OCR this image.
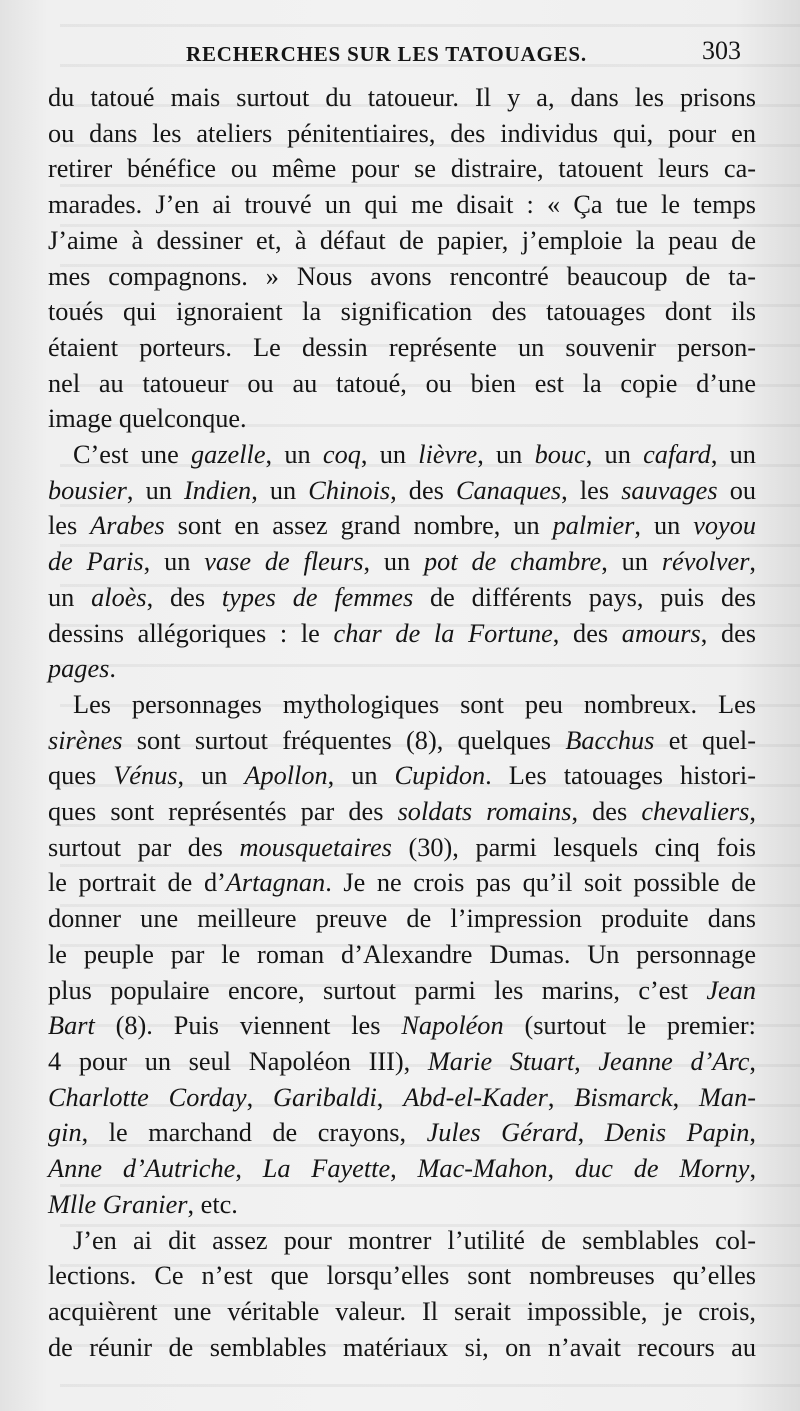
RECHERCHES SUR LES TATOUAGES.	303

du tatoué mais surtout du tatoueur. Il y a, dans les prisons
ou dans les ateliers pénitentiaires, des individus qui, pour en
retirer bénéfice ou même pour se distraire, tatouent leurs ca-
marades. J’en ai trouvé un qui me disait : « Ça tue le temps
J’aime à dessiner et, à défaut de papier, j’emploie la peau de
mes compagnons. » Nous avons rencontré beaucoup de ta-
toués qui ignoraient la signification des tatouages dont ils
étaient porteurs. Le dessin représente un souvenir person-
nel au tatoueur ou au tatoué, ou bien est la copie d’une
image quelconque.

C’est une gazelle, un coq, un lièvre, un bouc, un cafard, un
bousier, un Indien, un Chinois, des Canaques, les sauvages ou
les Arabes sont en assez grand nombre, un palmier, un voyou
de Paris, un vase de fleurs, un pot de chambre, un révolver,
un aloès, des types de femmes de différents pays, puis des
dessins allégoriques : le char de la Fortune, des amours, des
pages.

Les personnages mythologiques sont peu nombreux. Les
sirènes sont surtout fréquentes (8), quelques Bacchus et quel-
ques Vénus, un Apollon, un Cupidon. Les tatouages histori-
ques sont représentés par des soldats romains, des chevaliers,
surtout par des mousquetaires (30), parmi lesquels cinq fois
le portrait de d’Artagnan. Je ne crois pas qu’il soit possible de
donner une meilleure preuve de l’impression produite dans
le peuple par le roman d’Alexandre Dumas. Un personnage
plus populaire encore, surtout parmi les marins, c’est Jean
Bart (8). Puis viennent les Napoléon (surtout le premier:
4 pour un seul Napoléon III), Marie Stuart, Jeanne d’Arc,
Charlotte Corday, Garibaldi, Abd-el-Kader, Bismarck, Man-
gin, le marchand de crayons, Jules Gérard, Denis Papin,
Anne d’Autriche, La Fayette, Mac-Mahon, duc de Morny,
Mlle Granier, etc.

J’en ai dit assez pour montrer l’utilité de semblables col-
lections. Ce n’est que lorsqu’elles sont nombreuses qu’elles
acquièrent une véritable valeur. Il serait impossible, je crois,
de réunir de semblables matériaux si, on n’avait recours au
